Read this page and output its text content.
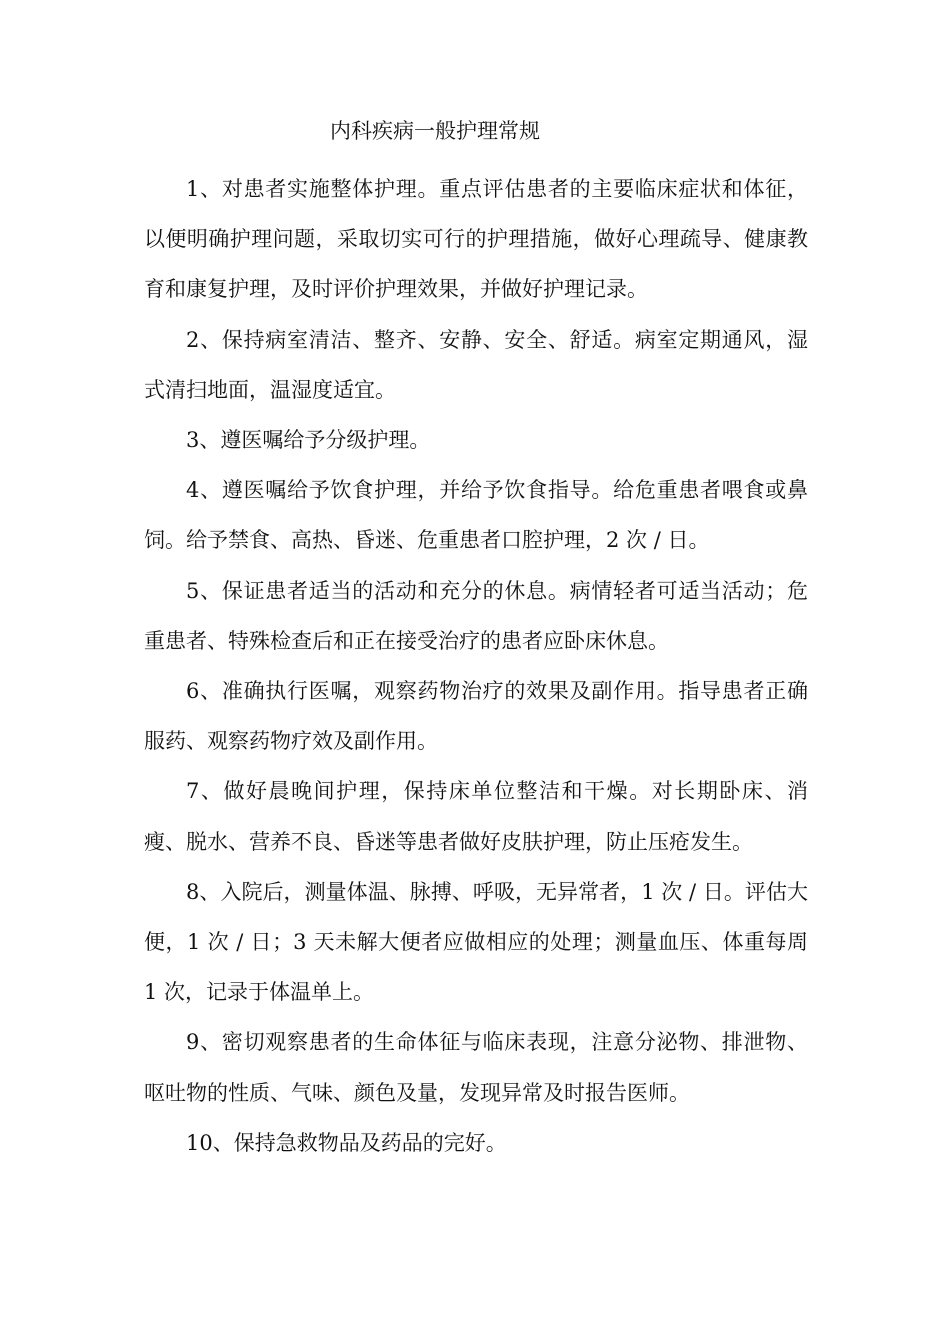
内科疾病一般护理常规

1、对患者实施整体护理。重点评估患者的主要临床症状和体征，以便明确护理问题，采取切实可行的护理措施，做好心理疏导、健康教育和康复护理，及时评价护理效果，并做好护理记录。

2、保持病室清洁、整齐、安静、安全、舒适。病室定期通风，湿式清扫地面，温湿度适宜。

3、遵医嘱给予分级护理。

4、遵医嘱给予饮食护理，并给予饮食指导。给危重患者喂食或鼻饲。给予禁食、高热、昏迷、危重患者口腔护理，2 次 / 日。

5、保证患者适当的活动和充分的休息。病情轻者可适当活动；危重患者、特殊检查后和正在接受治疗的患者应卧床休息。

6、准确执行医嘱，观察药物治疗的效果及副作用。指导患者正确服药、观察药物疗效及副作用。

7、做好晨晚间护理，保持床单位整洁和干燥。对长期卧床、消瘦、脱水、营养不良、昏迷等患者做好皮肤护理，防止压疮发生。

8、入院后，测量体温、脉搏、呼吸，无异常者，1 次 / 日。评估大便，1 次 / 日；3 天未解大便者应做相应的处理；测量血压、体重每周 1 次，记录于体温单上。

9、密切观察患者的生命体征与临床表现，注意分泌物、排泄物、呕吐物的性质、气味、颜色及量，发现异常及时报告医师。

10、保持急救物品及药品的完好。
